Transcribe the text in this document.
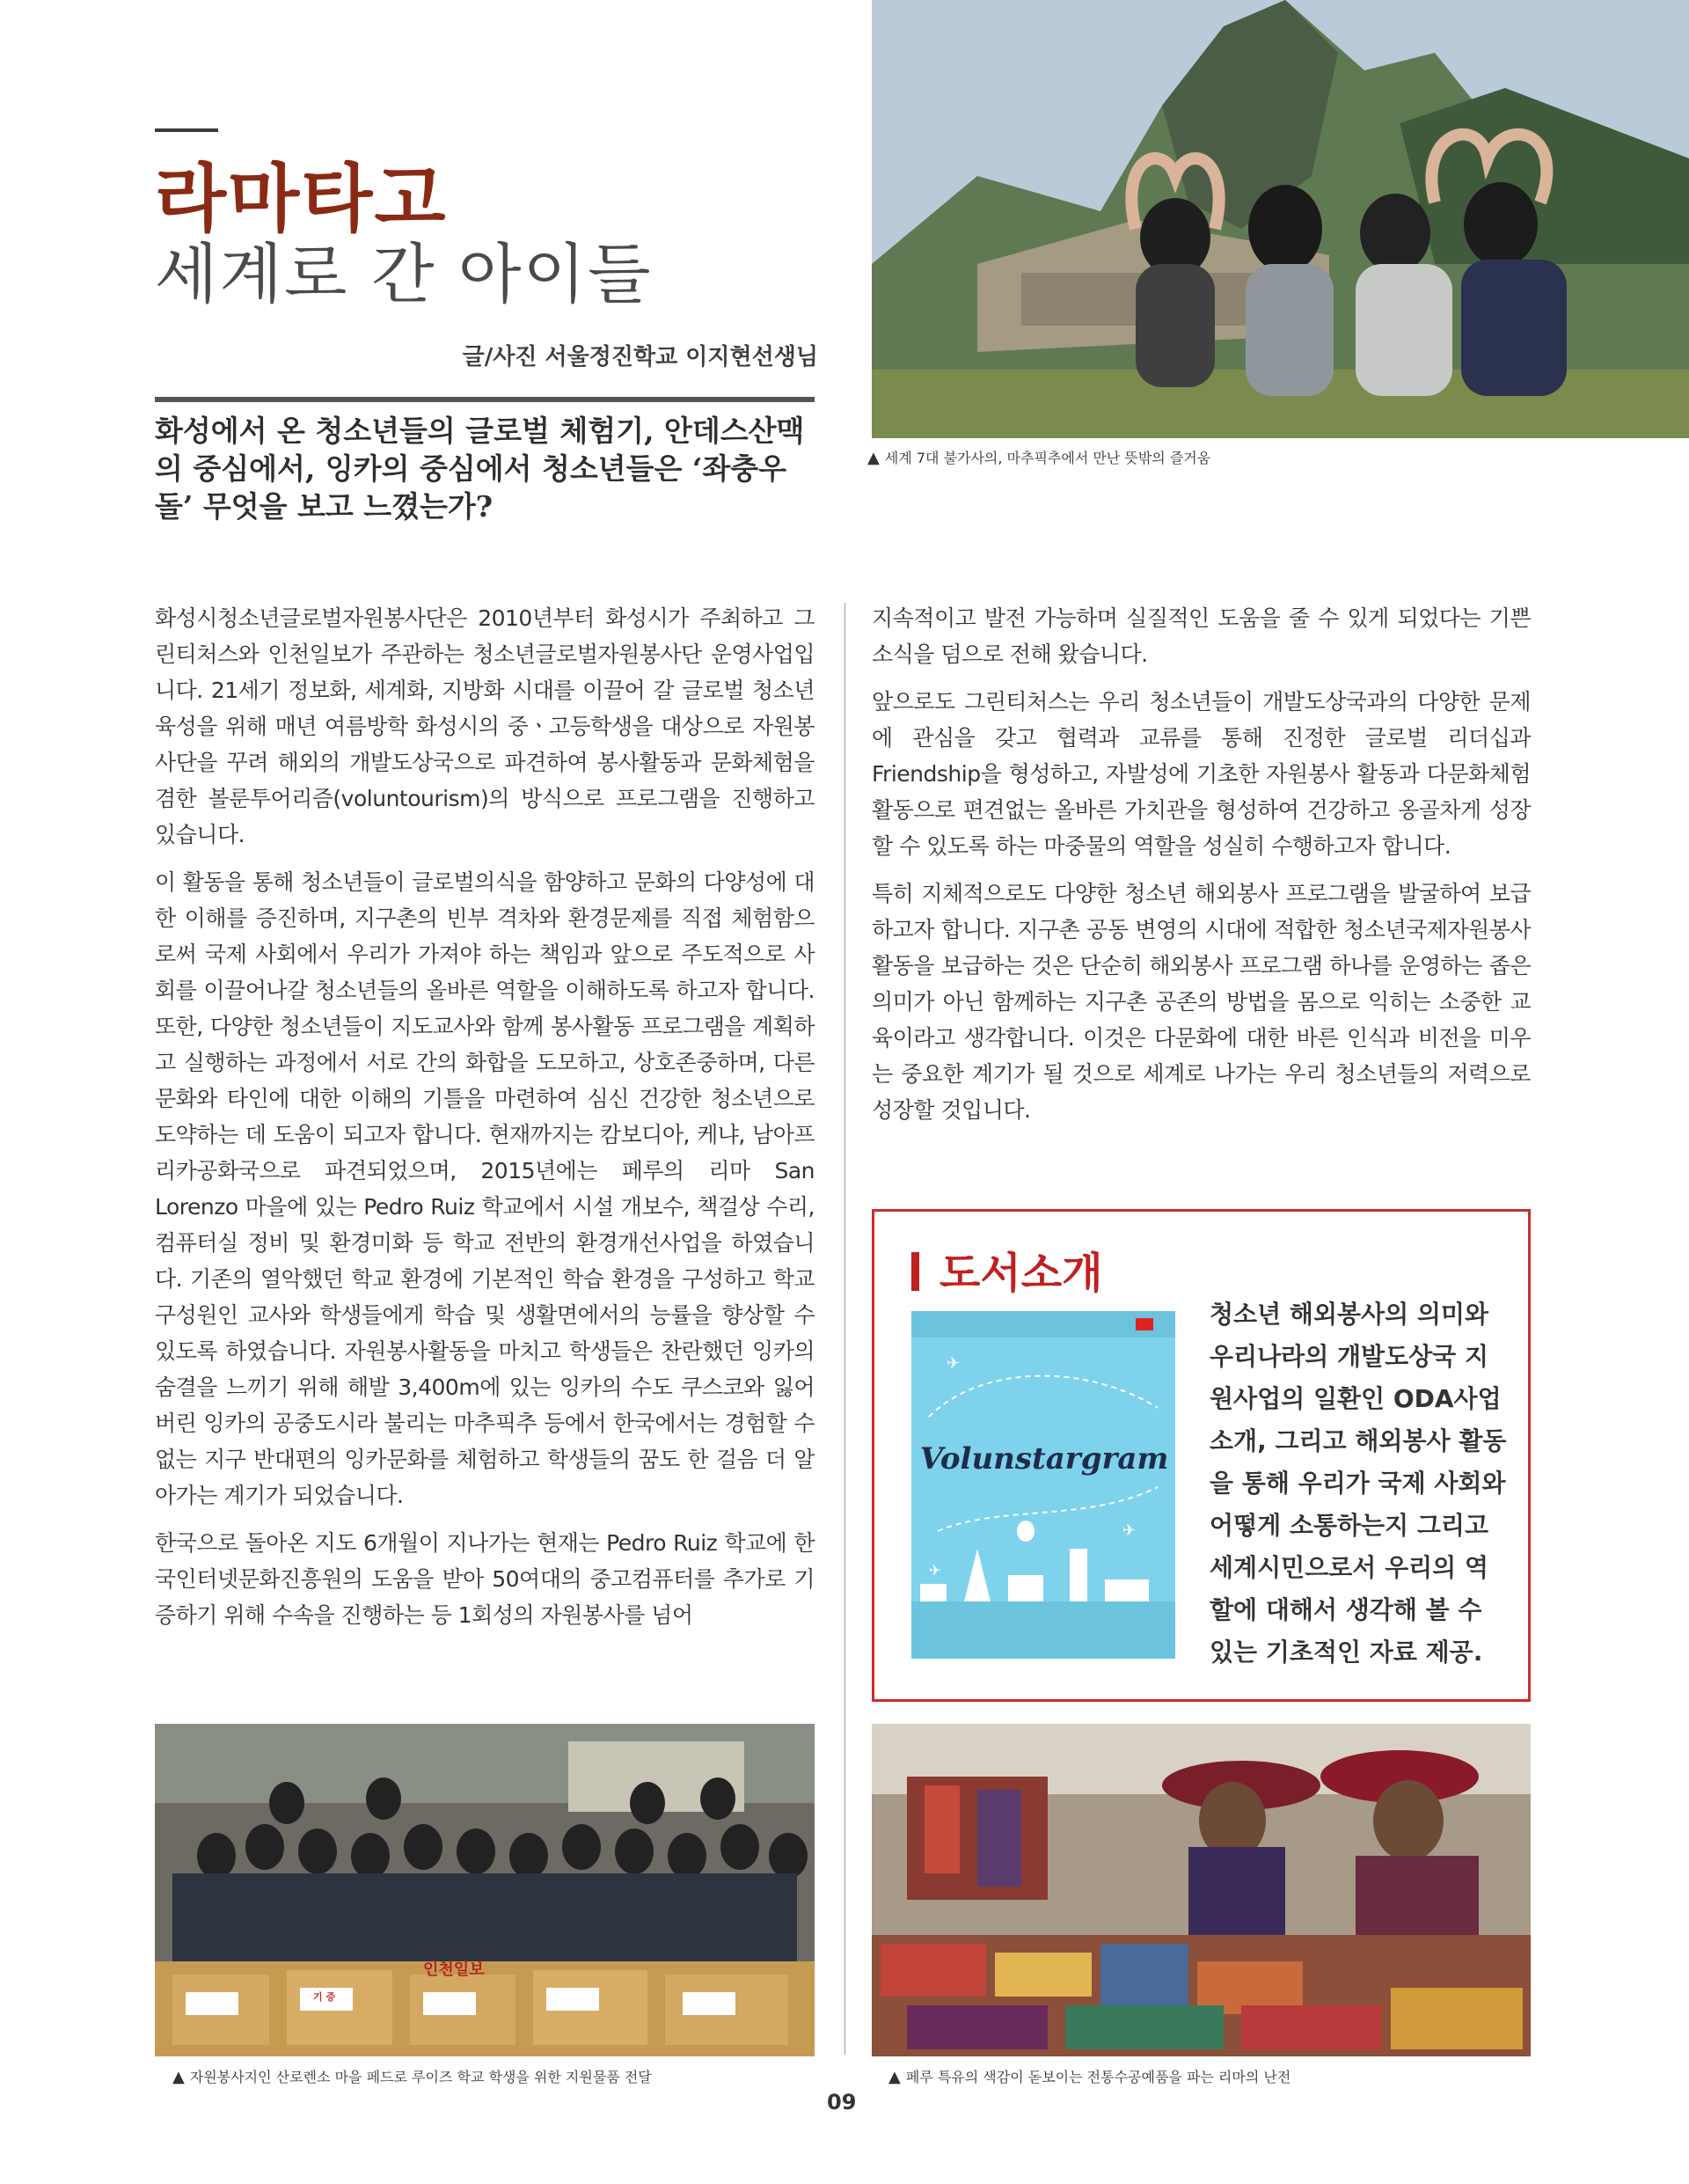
라마타고
세계로 간 아이들
글/사진 서울정진학교 이지현선생님
화성에서 온 청소년들의 글로벌 체험기, 안데스산맥의 중심에서, 잉카의 중심에서 청소년들은 ‘좌충우돌’ 무엇을 보고 느꼈는가?
▲ 세계 7대 불가사의, 마추픽추에서 만난 뜻밖의 즐거움

화성시청소년글로벌자원봉사단은 2010년부터 화성시가 주최하고 그린티처스와 인천일보가 주관하는 청소년글로벌자원봉사단 운영사업입니다. 21세기 정보화, 세계화, 지방화 시대를 이끌어 갈 글로벌 청소년 육성을 위해 매년 여름방학 화성시의 중ㆍ고등학생을 대상으로 자원봉사단을 꾸려 해외의 개발도상국으로 파견하여 봉사활동과 문화체험을 겸한 볼룬투어리즘(voluntourism)의 방식으로 프로그램을 진행하고 있습니다.

이 활동을 통해 청소년들이 글로벌의식을 함양하고 문화의 다양성에 대한 이해를 증진하며, 지구촌의 빈부 격차와 환경문제를 직접 체험함으로써 국제 사회에서 우리가 가져야 하는 책임과 앞으로 주도적으로 사회를 이끌어나갈 청소년들의 올바른 역할을 이해하도록 하고자 합니다. 또한, 다양한 청소년들이 지도교사와 함께 봉사활동 프로그램을 계획하고 실행하는 과정에서 서로 간의 화합을 도모하고, 상호존중하며, 다른 문화와 타인에 대한 이해의 기틀을 마련하여 심신 건강한 청소년으로 도약하는 데 도움이 되고자 합니다. 현재까지는 캄보디아, 케냐, 남아프리카공화국으로 파견되었으며, 2015년에는 페루의 리마 San Lorenzo 마을에 있는 Pedro Ruiz 학교에서 시설 개보수, 책걸상 수리, 컴퓨터실 정비 및 환경미화 등 학교 전반의 환경개선사업을 하였습니다. 기존의 열악했던 학교 환경에 기본적인 학습 환경을 구성하고 학교 구성원인 교사와 학생들에게 학습 및 생활면에서의 능률을 향상할 수 있도록 하였습니다. 자원봉사활동을 마치고 학생들은 찬란했던 잉카의 숨결을 느끼기 위해 해발 3,400m에 있는 잉카의 수도 쿠스코와 잃어버린 잉카의 공중도시라 불리는 마추픽추 등에서 한국에서는 경험할 수 없는 지구 반대편의 잉카문화를 체험하고 학생들의 꿈도 한 걸음 더 알아가는 계기가 되었습니다.

한국으로 돌아온 지도 6개월이 지나가는 현재는 Pedro Ruiz 학교에 한국인터넷문화진흥원의 도움을 받아 50여대의 중고컴퓨터를 추가로 기증하기 위해 수속을 진행하는 등 1회성의 자원봉사를 넘어

지속적이고 발전 가능하며 실질적인 도움을 줄 수 있게 되었다는 기쁜 소식을 덤으로 전해 왔습니다.

앞으로도 그린티처스는 우리 청소년들이 개발도상국과의 다양한 문제에 관심을 갖고 협력과 교류를 통해 진정한 글로벌 리더십과 Friendship을 형성하고, 자발성에 기초한 자원봉사 활동과 다문화체험 활동으로 편견없는 올바른 가치관을 형성하여 건강하고 옹골차게 성장할 수 있도록 하는 마중물의 역할을 성실히 수행하고자 합니다.

특히 지체적으로도 다양한 청소년 해외봉사 프로그램을 발굴하여 보급하고자 합니다. 지구촌 공동 변영의 시대에 적합한 청소년국제자원봉사 활동을 보급하는 것은 단순히 해외봉사 프로그램 하나를 운영하는 좁은 의미가 아닌 함께하는 지구촌 공존의 방법을 몸으로 익히는 소중한 교육이라고 생각합니다. 이것은 다문화에 대한 바른 인식과 비전을 미우는 중요한 계기가 될 것으로 세계로 나가는 우리 청소년들의 저력으로 성장할 것입니다.

도서소개
✈
✈
✈
Volunstargram
청소년 해외봉사의 의미와 우리나라의 개발도상국 지원사업의 일환인 ODA사업 소개, 그리고 해외봉사 활동을 통해 우리가 국제 사회와 어떻게 소통하는지 그리고 세계시민으로서 우리의 역할에 대해서 생각해 볼 수 있는 기초적인 자료 제공.
인천일보
기 증
▲ 자원봉사지인 산로렌소 마을 페드로 루이즈 학교 학생을 위한 지원물품 전달	▲ 페루 특유의 색감이 돋보이는 전통수공예품을 파는 리마의 난전
09
